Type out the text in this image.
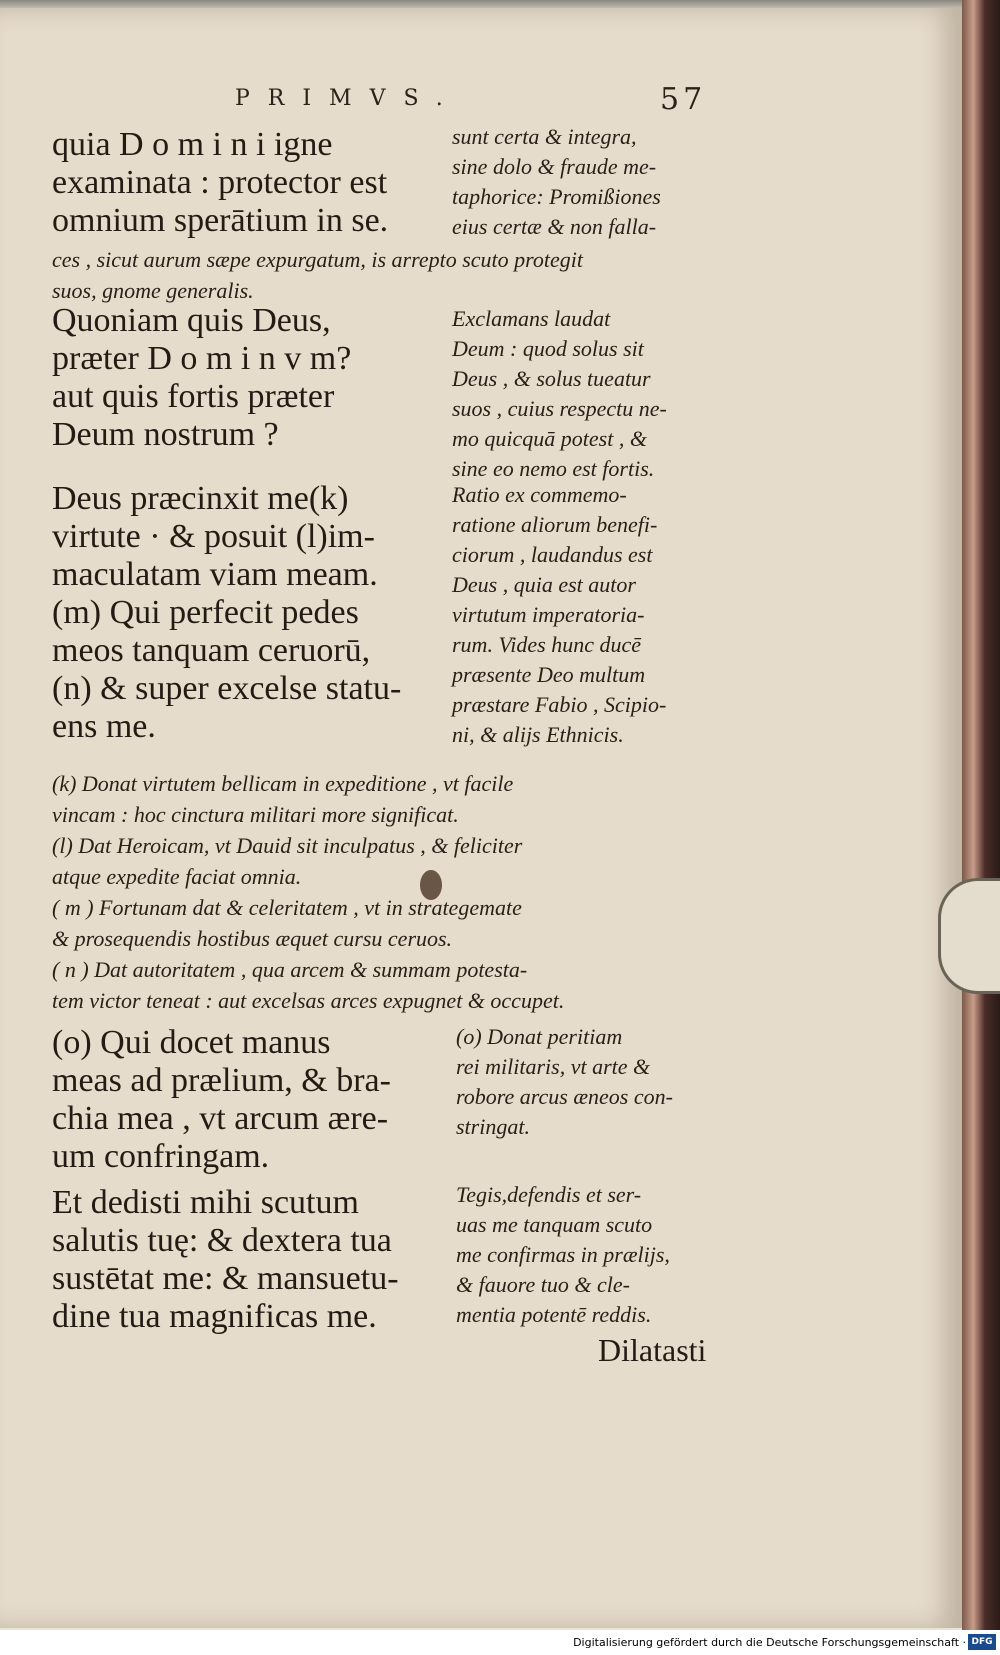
PRIMVS.	57
quia D o m i n i igne
examinata : protector est
omnium sperātium in se.
sunt certa & integra,
sine dolo & fraude me-
taphorice: Promißiones
eius certæ & non falla-
ces , sicut aurum sæpe expurgatum, is arrepto scuto protegit
suos, gnome generalis.
Quoniam quis Deus,
præter D o m i n v m?
aut quis fortis præter
Deum nostrum ?
Exclamans laudat
Deum : quod solus sit
Deus , & solus tueatur
suos , cuius respectu ne-
mo quicquā potest , &
sine eo nemo est fortis.
Deus præcinxit me(k)
virtute · & posuit (l)im-
maculatam viam meam.
(m) Qui perfecit pedes
meos tanquam ceruorū,
(n) & super excelse statu-
ens me.
Ratio ex commemo-
ratione aliorum benefi-
ciorum , laudandus est
Deus , quia est autor
virtutum imperatoria-
rum. Vides hunc ducē
præsente Deo multum
præstare Fabio , Scipio-
ni, & alijs Ethnicis.
(k) Donat virtutem bellicam in expeditione , vt facile
vincam : hoc cinctura militari more significat.
(l) Dat Heroicam, vt Dauid sit inculpatus , & feliciter
atque expedite faciat omnia.
( m ) Fortunam dat & celeritatem , vt in strategemate
& prosequendis hostibus æquet cursu ceruos.
( n ) Dat autoritatem , qua arcem & summam potesta-
tem victor teneat : aut excelsas arces expugnet & occupet.
(o) Qui docet manus
meas ad prælium, & bra-
chia mea , vt arcum ære-
um confringam.
(o) Donat peritiam
rei militaris, vt arte &
robore arcus æneos con-
stringat.
Et dedisti mihi scutum
salutis tuę: & dextera tua
sustētat me: & mansuetu-
dine tua magnificas me.
Tegis,defendis et ser-
uas me tanquam scuto
me confirmas in prælijs,
& fauore tuo & cle-
mentia potentē reddis.
Dilatasti
Digitalisierung gefördert durch die Deutsche Forschungsgemeinschaft · DFG
